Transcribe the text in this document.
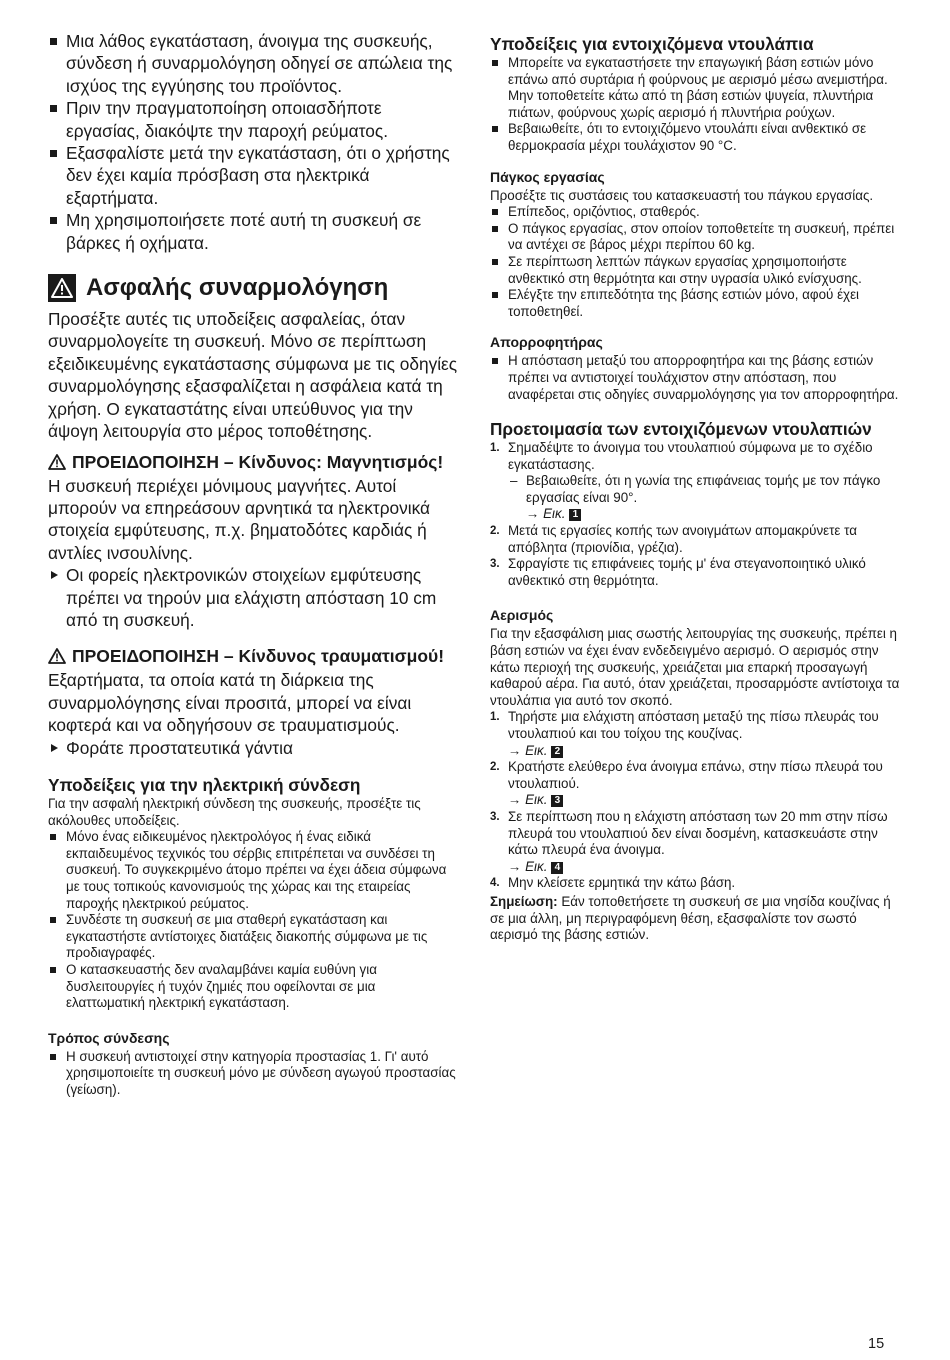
Μια λάθος εγκατάσταση, άνοιγμα της συσκευής, σύνδεση ή συναρμολόγηση οδηγεί σε απώλεια της ισχύος της εγγύησης του προϊόντος.
Πριν την πραγματοποίηση οποιασδήποτε εργασίας, διακόψτε την παροχή ρεύματος.
Εξασφαλίστε μετά την εγκατάσταση, ότι ο χρήστης δεν έχει καμία πρόσβαση στα ηλεκτρικά εξαρτήματα.
Μη χρησιμοποιήσετε ποτέ αυτή τη συσκευή σε βάρκες ή οχήματα.
Ασφαλής συναρμολόγηση

Προσέξτε αυτές τις υποδείξεις ασφαλείας, όταν συναρμολογείτε τη συσκευή. Μόνο σε περίπτωση εξειδικευμένης εγκατάστασης σύμφωνα με τις οδηγίες συναρμολόγησης εξασφαλίζεται η ασφάλεια κατά τη χρήση. Ο εγκαταστάτης είναι υπεύθυνος για την άψογη λειτουργία στο μέρος τοποθέτησης.

ΠΡΟΕΙΔΟΠΟΙΗΣΗ – Κίνδυνος: Μαγνητισμός!

Η συσκευή περιέχει μόνιμους μαγνήτες. Αυτοί μπορούν να επηρεάσουν αρνητικά τα ηλεκτρονικά στοιχεία εμφύτευσης, π.χ. βηματοδότες καρδιάς ή αντλίες ινσουλίνης.

Οι φορείς ηλεκτρονικών στοιχείων εμφύτευσης πρέπει να τηρούν μια ελάχιστη απόσταση 10 cm από τη συσκευή.

ΠΡΟΕΙΔΟΠΟΙΗΣΗ – Κίνδυνος τραυματισμού!

Εξαρτήματα, τα οποία κατά τη διάρκεια της συναρμολόγησης είναι προσιτά, μπορεί να είναι κοφτερά και να οδηγήσουν σε τραυματισμούς.

Φοράτε προστατευτικά γάντια

Υποδείξεις για την ηλεκτρική σύνδεση

Για την ασφαλή ηλεκτρική σύνδεση της συσκευής, προσέξτε τις ακόλουθες υποδείξεις.

Μόνο ένας ειδικευμένος ηλεκτρολόγος ή ένας ειδικά εκπαιδευμένος τεχνικός του σέρβις επιτρέπεται να συνδέσει τη συσκευή. Το συγκεκριμένο άτομο πρέπει να έχει άδεια σύμφωνα με τους τοπικούς κανονισμούς της χώρας και της εταιρείας παροχής ηλεκτρικού ρεύματος.
Συνδέστε τη συσκευή σε μια σταθερή εγκατάσταση και εγκαταστήστε αντίστοιχες διατάξεις διακοπής σύμφωνα με τις προδιαγραφές.
Ο κατασκευαστής δεν αναλαμβάνει καμία ευθύνη για δυσλειτουργίες ή τυχόν ζημιές που οφείλονται σε μια ελαττωματική ηλεκτρική εγκατάσταση.
Τρόπος σύνδεσης
Η συσκευή αντιστοιχεί στην κατηγορία προστασίας 1. Γι' αυτό χρησιμοποιείτε τη συσκευή μόνο με σύνδεση αγωγού προστασίας (γείωση).
Υποδείξεις για εντοιχιζόμενα ντουλάπια
Μπορείτε να εγκαταστήσετε την επαγωγική βάση εστιών μόνο επάνω από συρτάρια ή φούρνους με αερισμό μέσω ανεμιστήρα. Μην τοποθετείτε κάτω από τη βάση εστιών ψυγεία, πλυντήρια πιάτων, φούρνους χωρίς αερισμό ή πλυντήρια ρούχων.
Βεβαιωθείτε, ότι το εντοιχιζόμενο ντουλάπι είναι ανθεκτικό σε θερμοκρασία μέχρι τουλάχιστον 90 °C.
Πάγκος εργασίας

Προσέξτε τις συστάσεις του κατασκευαστή του πάγκου εργασίας.

Επίπεδος, οριζόντιος, σταθερός.
Ο πάγκος εργασίας, στον οποίον τοποθετείτε τη συσκευή, πρέπει να αντέχει σε βάρος μέχρι περίπου 60 kg.
Σε περίπτωση λεπτών πάγκων εργασίας χρησιμοποιήστε ανθεκτικό στη θερμότητα και στην υγρασία υλικό ενίσχυσης.
Ελέγξτε την επιπεδότητα της βάσης εστιών μόνο, αφού έχει τοποθετηθεί.
Απορροφητήρας
Η απόσταση μεταξύ του απορροφητήρα και της βάσης εστιών πρέπει να αντιστοιχεί τουλάχιστον στην απόσταση, που αναφέρεται στις οδηγίες συναρμολόγησης για τον απορροφητήρα.
Προετοιμασία των εντοιχιζόμενων ντουλαπιών
1. Σημαδέψτε το άνοιγμα του ντουλαπιού σύμφωνα με το σχέδιο εγκατάστασης.
– Βεβαιωθείτε, ότι η γωνία της επιφάνειας τομής με τον πάγκο εργασίας είναι 90°.
→ Εικ. 1
2. Μετά τις εργασίες κοπής των ανοιγμάτων απομακρύνετε τα απόβλητα (πριονίδια, γρέζια).
3. Σφραγίστε τις επιφάνειες τομής μ' ένα στεγανοποιητικό υλικό ανθεκτικό στη θερμότητα.
Αερισμός

Για την εξασφάλιση μιας σωστής λειτουργίας της συσκευής, πρέπει η βάση εστιών να έχει έναν ενδεδειγμένο αερισμό. Ο αερισμός στην κάτω περιοχή της συσκευής, χρειάζεται μια επαρκή προσαγωγή καθαρού αέρα. Για αυτό, όταν χρειάζεται, προσαρμόστε αντίστοιχα τα ντουλάπια για αυτό τον σκοπό.

1. Τηρήστε μια ελάχιστη απόσταση μεταξύ της πίσω πλευράς του ντουλαπιού και του τοίχου της κουζίνας.
→ Εικ. 2
2. Κρατήστε ελεύθερο ένα άνοιγμα επάνω, στην πίσω πλευρά του ντουλαπιού.
→ Εικ. 3
3. Σε περίπτωση που η ελάχιστη απόσταση των 20 mm στην πίσω πλευρά του ντουλαπιού δεν είναι δοσμένη, κατασκευάστε στην κάτω πλευρά ένα άνοιγμα.
→ Εικ. 4
4. Μην κλείσετε ερμητικά την κάτω βάση.

Σημείωση: Εάν τοποθετήσετε τη συσκευή σε μια νησίδα κουζίνας ή σε μια άλλη, μη περιγραφόμενη θέση, εξασφαλίστε τον σωστό αερισμό της βάσης εστιών.

15
